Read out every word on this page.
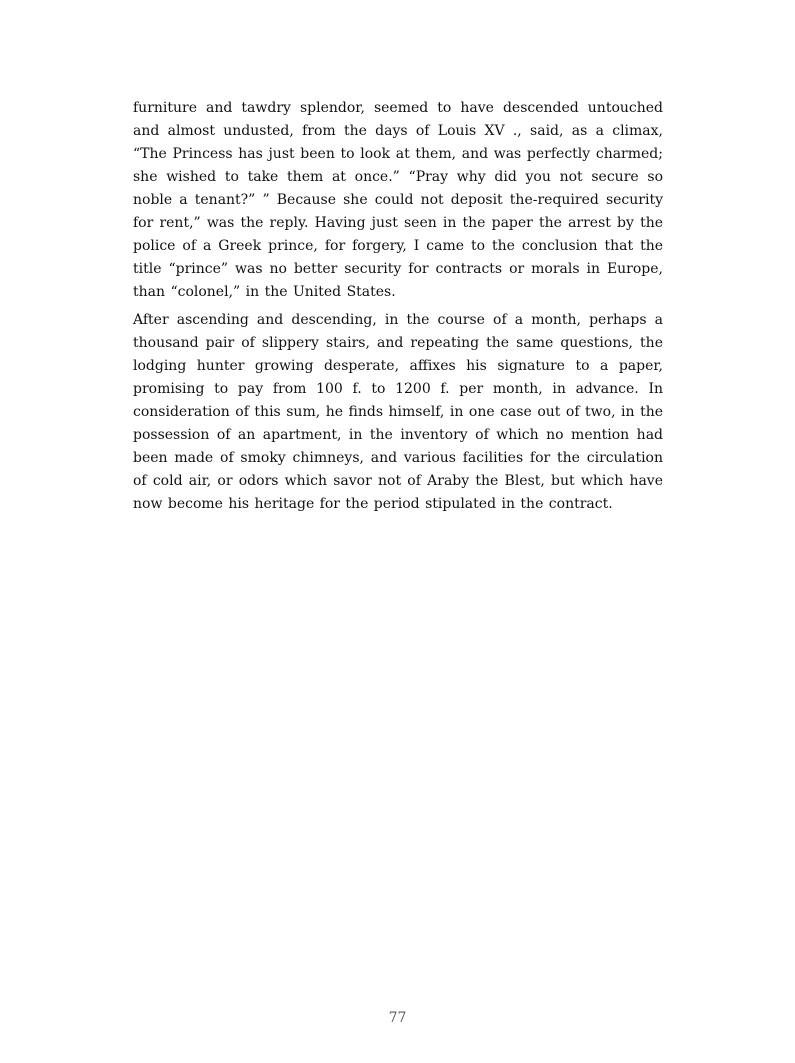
furniture and tawdry splendor, seemed to have descended untouched and almost undusted, from the days of Louis XV ., said, as a climax, “The Princess has just been to look at them, and was perfectly charmed; she wished to take them at once.” “Pray why did you not secure so noble a tenant?” ” Because she could not deposit the-required security for rent,” was the reply. Having just seen in the paper the arrest by the police of a Greek prince, for forgery, I came to the conclusion that the title “prince” was no better security for contracts or morals in Europe, than “colonel,” in the United States.

After ascending and descending, in the course of a month, perhaps a thousand pair of slippery stairs, and repeating the same questions, the lodging hunter growing desperate, affixes his signature to a paper, promising to pay from 100 f. to 1200 f. per month, in advance. In consideration of this sum, he finds himself, in one case out of two, in the possession of an apartment, in the inventory of which no mention had been made of smoky chimneys, and various facilities for the circulation of cold air, or odors which savor not of Araby the Blest, but which have now become his heritage for the period stipulated in the contract.

77
